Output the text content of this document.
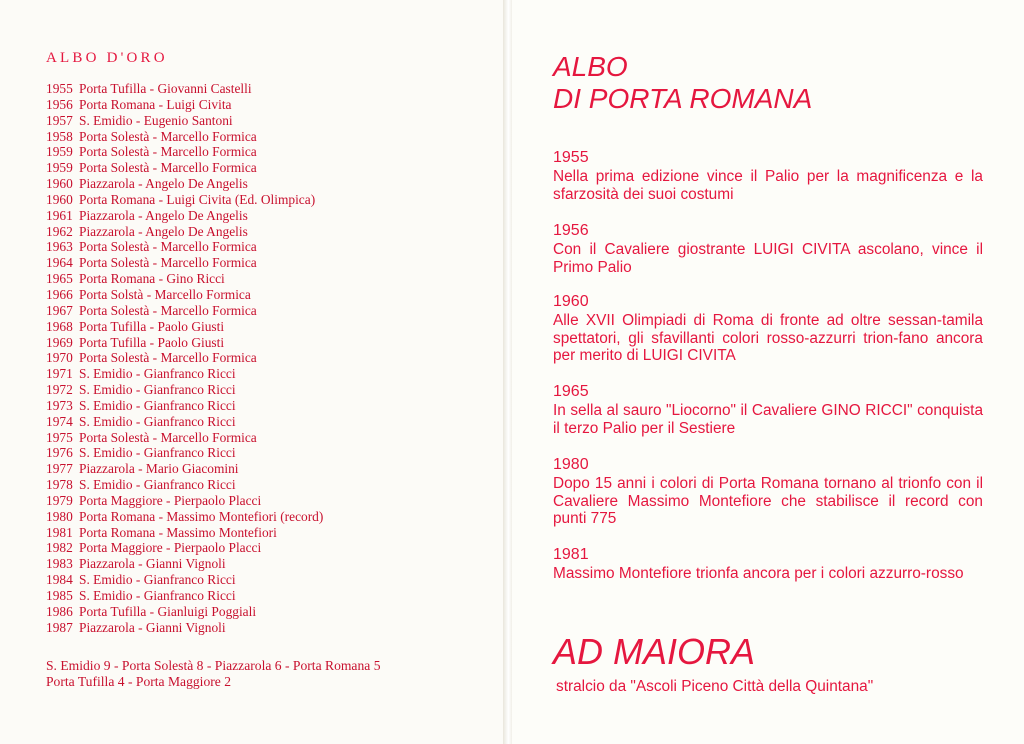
ALBO D'ORO
1955 Porta Tufilla - Giovanni Castelli
1956 Porta Romana - Luigi Civita
1957 S. Emidio - Eugenio Santoni
1958 Porta Solestà - Marcello Formica
1959 Porta Solestà - Marcello Formica
1959 Porta Solestà - Marcello Formica
1960 Piazzarola - Angelo De Angelis
1960 Porta Romana - Luigi Civita (Ed. Olimpica)
1961 Piazzarola - Angelo De Angelis
1962 Piazzarola - Angelo De Angelis
1963 Porta Solestà - Marcello Formica
1964 Porta Solestà - Marcello Formica
1965 Porta Romana - Gino Ricci
1966 Porta Solstà - Marcello Formica
1967 Porta Solestà - Marcello Formica
1968 Porta Tufilla - Paolo Giusti
1969 Porta Tufilla - Paolo Giusti
1970 Porta Solestà - Marcello Formica
1971 S. Emidio - Gianfranco Ricci
1972 S. Emidio - Gianfranco Ricci
1973 S. Emidio - Gianfranco Ricci
1974 S. Emidio - Gianfranco Ricci
1975 Porta Solestà - Marcello Formica
1976 S. Emidio - Gianfranco Ricci
1977 Piazzarola - Mario Giacomini
1978 S. Emidio - Gianfranco Ricci
1979 Porta Maggiore - Pierpaolo Placci
1980 Porta Romana - Massimo Montefiori (record)
1981 Porta Romana - Massimo Montefiori
1982 Porta Maggiore - Pierpaolo Placci
1983 Piazzarola - Gianni Vignoli
1984 S. Emidio - Gianfranco Ricci
1985 S. Emidio - Gianfranco Ricci
1986 Porta Tufilla - Gianluigi Poggiali
1987 Piazzarola - Gianni Vignoli
S. Emidio 9 - Porta Solestà 8 - Piazzarola 6 - Porta Romana 5
Porta Tufilla 4 - Porta Maggiore 2
ALBO
DI PORTA ROMANA
1955
Nella prima edizione vince il Palio per la magnificenza e la sfarzosità dei suoi costumi
1956
Con il Cavaliere giostrante LUIGI CIVITA ascolano, vince il Primo Palio
1960
Alle XVII Olimpiadi di Roma di fronte ad oltre sessan-tamila spettatori, gli sfavillanti colori rosso-azzurri trion-fano ancora per merito di LUIGI CIVITA
1965
In sella al sauro "Liocorno" il Cavaliere GINO RICCI" conquista il terzo Palio per il Sestiere
1980
Dopo 15 anni i colori di Porta Romana tornano al trionfo con il Cavaliere Massimo Montefiore che stabilisce il record con punti 775
1981
Massimo Montefiore trionfa ancora per i colori azzurro-rosso
AD MAIORA
stralcio da "Ascoli Piceno Città della Quintana"
